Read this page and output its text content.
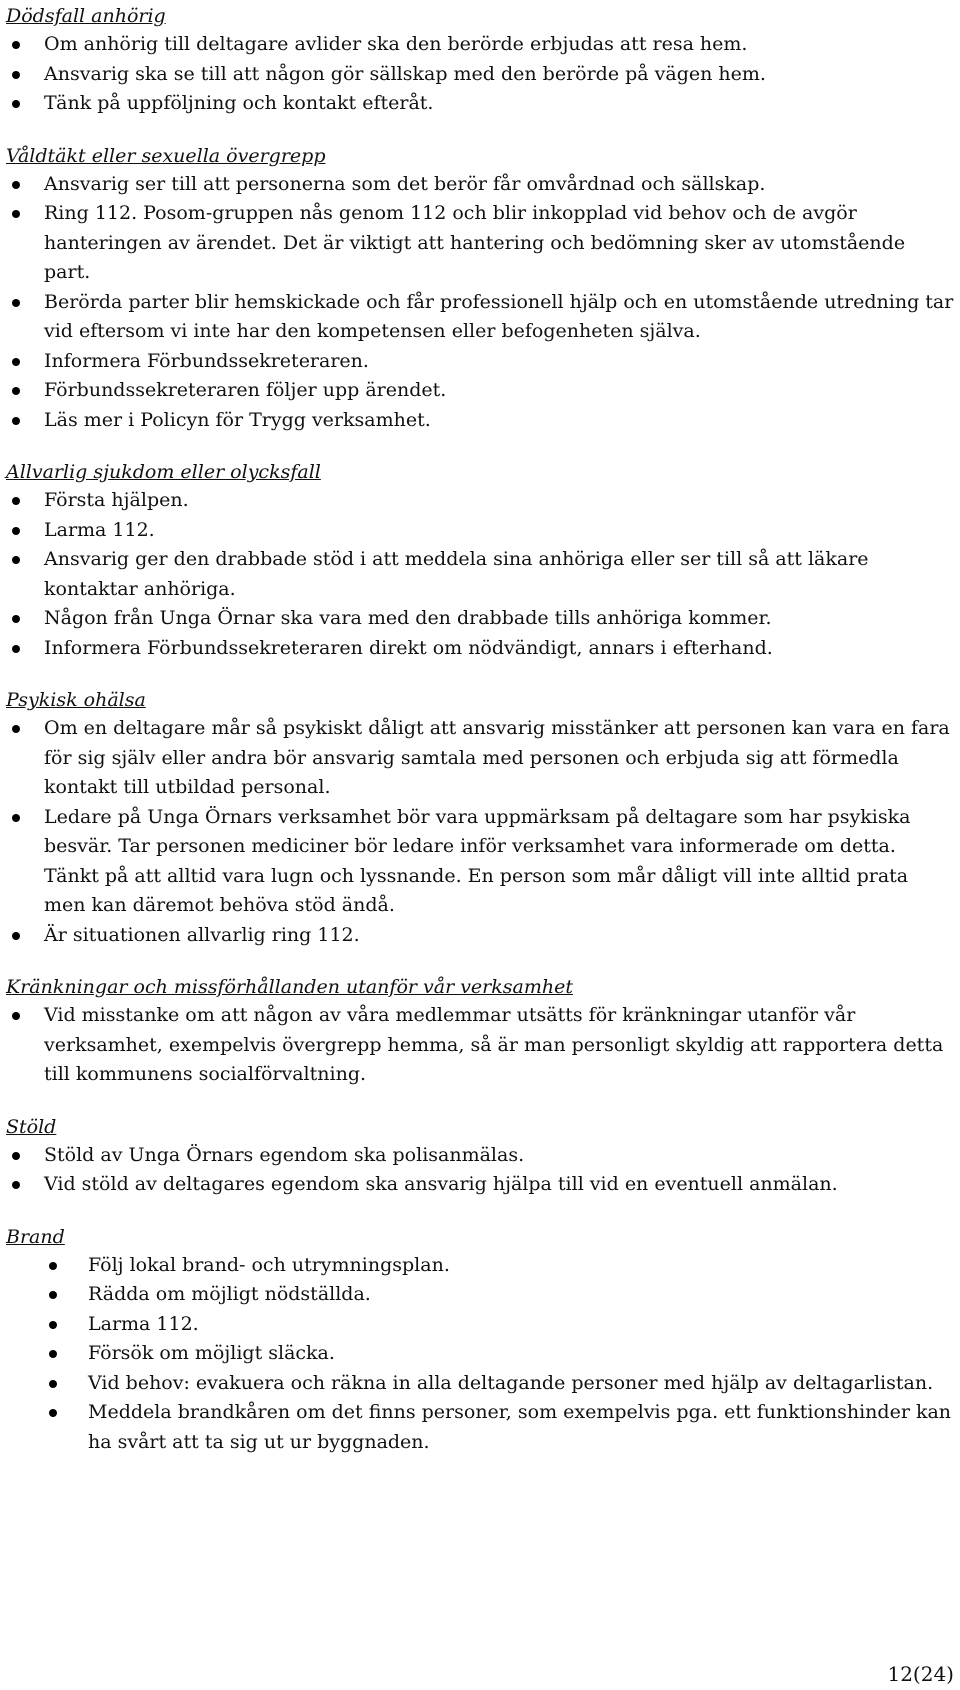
Dödsfall anhörig
Om anhörig till deltagare avlider ska den berörde erbjudas att resa hem.
Ansvarig ska se till att någon gör sällskap med den berörde på vägen hem.
Tänk på uppföljning och kontakt efteråt.
Våldtäkt eller sexuella övergrepp
Ansvarig ser till att personerna som det berör får omvårdnad och sällskap.
Ring 112. Posom-gruppen nås genom 112 och blir inkopplad vid behov och de avgör hanteringen av ärendet. Det är viktigt att hantering och bedömning sker av utomstående part.
Berörda parter blir hemskickade och får professionell hjälp och en utomstående utredning tar vid eftersom vi inte har den kompetensen eller befogenheten själva.
Informera Förbundssekreteraren.
Förbundssekreteraren följer upp ärendet.
Läs mer i Policyn för Trygg verksamhet.
Allvarlig sjukdom eller olycksfall
Första hjälpen.
Larma 112.
Ansvarig ger den drabbade stöd i att meddela sina anhöriga eller ser till så att läkare kontaktar anhöriga.
Någon från Unga Örnar ska vara med den drabbade tills anhöriga kommer.
Informera Förbundssekreteraren direkt om nödvändigt, annars i efterhand.
Psykisk ohälsa
Om en deltagare mår så psykiskt dåligt att ansvarig misstänker att personen kan vara en fara för sig själv eller andra bör ansvarig samtala med personen och erbjuda sig att förmedla kontakt till utbildad personal.
Ledare på Unga Örnars verksamhet bör vara uppmärksam på deltagare som har psykiska besvär. Tar personen mediciner bör ledare inför verksamhet vara informerade om detta. Tänkt på att alltid vara lugn och lyssnande. En person som mår dåligt vill inte alltid prata men kan däremot behöva stöd ändå.
Är situationen allvarlig ring 112.
Kränkningar och missförhållanden utanför vår verksamhet
Vid misstanke om att någon av våra medlemmar utsätts för kränkningar utanför vår verksamhet, exempelvis övergrepp hemma, så är man personligt skyldig att rapportera detta till kommunens socialförvaltning.
Stöld
Stöld av Unga Örnars egendom ska polisanmälas.
Vid stöld av deltagares egendom ska ansvarig hjälpa till vid en eventuell anmälan.
Brand
Följ lokal brand- och utrymningsplan.
Rädda om möjligt nödställda.
Larma 112.
Försök om möjligt släcka.
Vid behov: evakuera och räkna in alla deltagande personer med hjälp av deltagarlistan.
Meddela brandkåren om det finns personer, som exempelvis pga. ett funktionshinder kan ha svårt att ta sig ut ur byggnaden.
12(24)
